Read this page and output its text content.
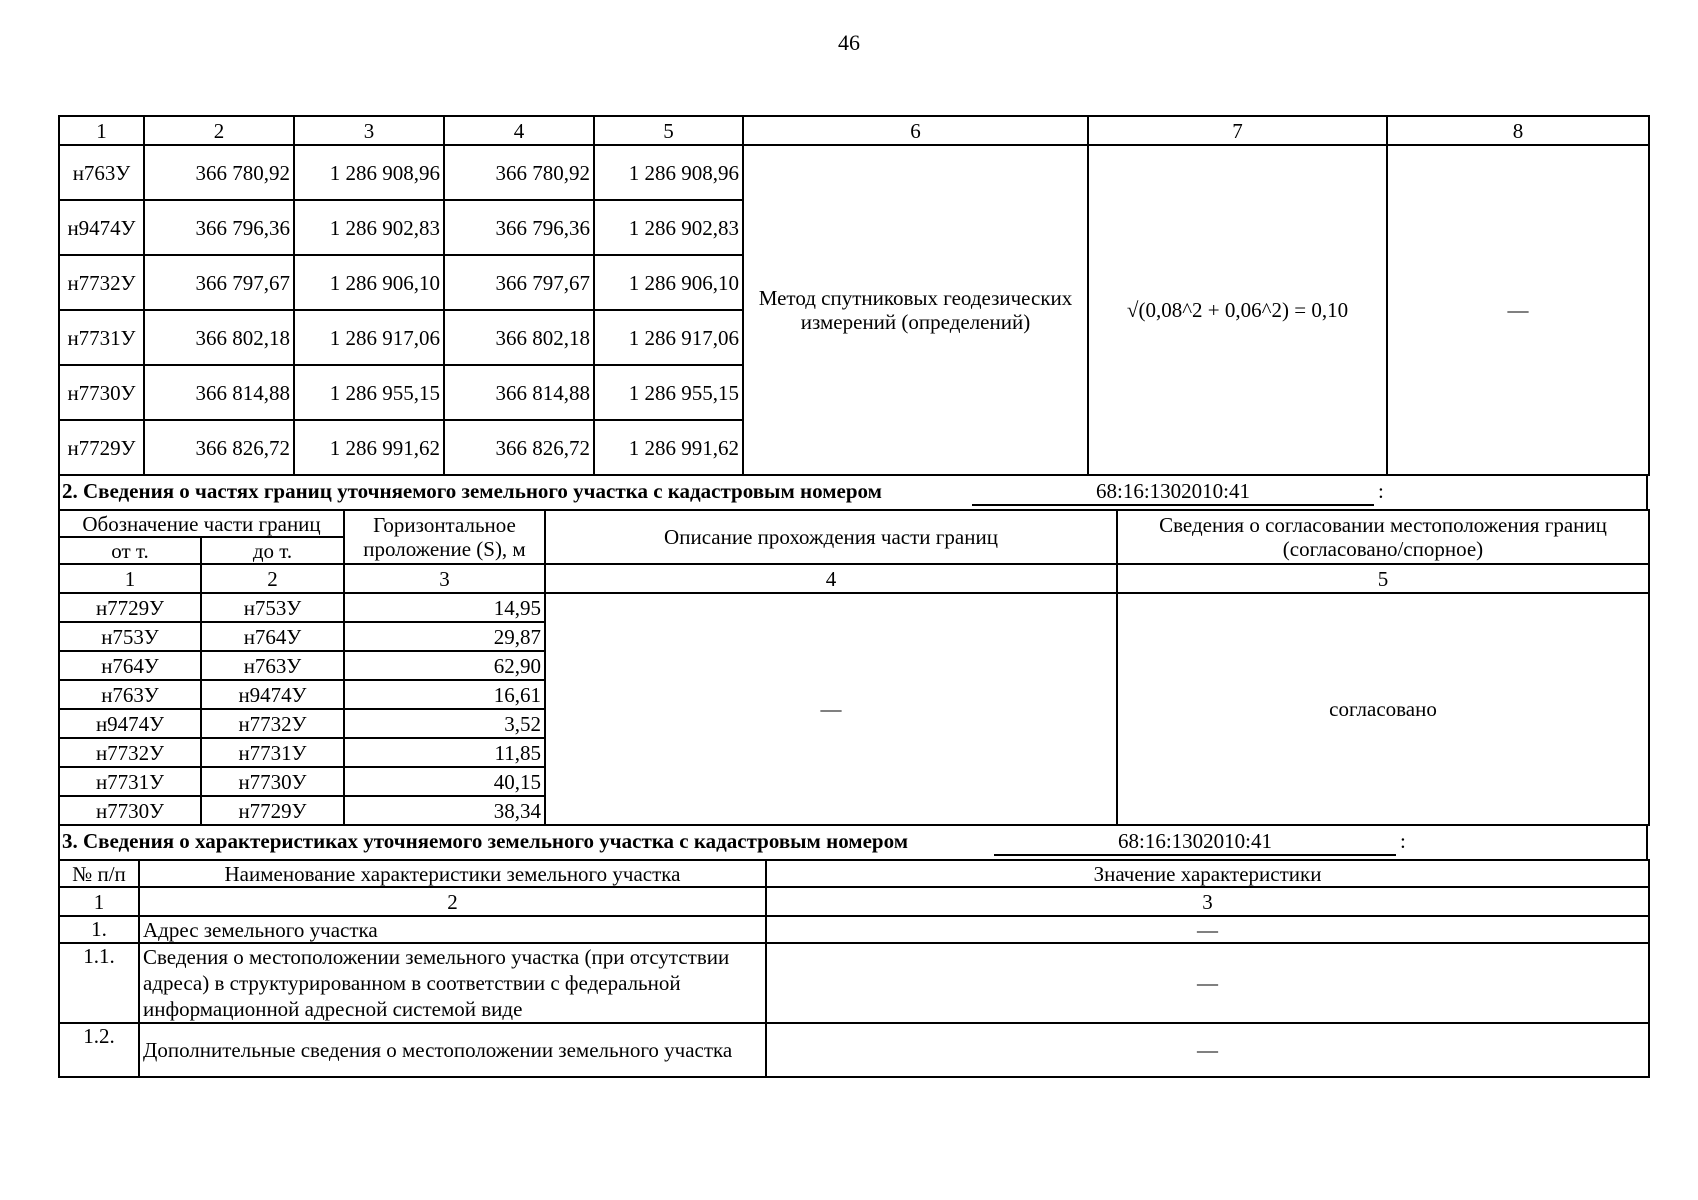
46
1	2	3	4	5	6	7	8
н763У	366 780,92	1 286 908,96	366 780,92	1 286 908,96	Метод спутниковых геодезических измерений (определений)	√(0,08^2 + 0,06^2) = 0,10	—
н9474У	366 796,36	1 286 902,83	366 796,36	1 286 902,83			
н7732У	366 797,67	1 286 906,10	366 797,67	1 286 906,10			
н7731У	366 802,18	1 286 917,06	366 802,18	1 286 917,06			
н7730У	366 814,88	1 286 955,15	366 814,88	1 286 955,15			
н7729У	366 826,72	1 286 991,62	366 826,72	1 286 991,62			
2. Сведения о частях границ уточняемого земельного участка с кадастровым номером	68:16:1302010:41	:
Обозначение части границ		Горизонтальное проложение (S), м	Описание прохождения части границ	Сведения о согласовании местоположения границ (согласовано/спорное)
от т.	до т.			
1	2	3	4	5
н7729У	н753У	14,95	—	согласовано
н753У	н764У	29,87		
н764У	н763У	62,90		
н763У	н9474У	16,61		
н9474У	н7732У	3,52		
н7732У	н7731У	11,85		
н7731У	н7730У	40,15		
н7730У	н7729У	38,34		
3. Сведения о характеристиках уточняемого земельного участка с кадастровым номером	68:16:1302010:41	:
№ п/п	Наименование характеристики земельного участка	Значение характеристики
1	2	3
1.	Адрес земельного участка	—
1.1.	Сведения о местоположении земельного участка (при отсутствии адреса) в структурированном в соответствии с федеральной информационной адресной системой виде	—
1.2.	Дополнительные сведения о местоположении земельного участка	—
